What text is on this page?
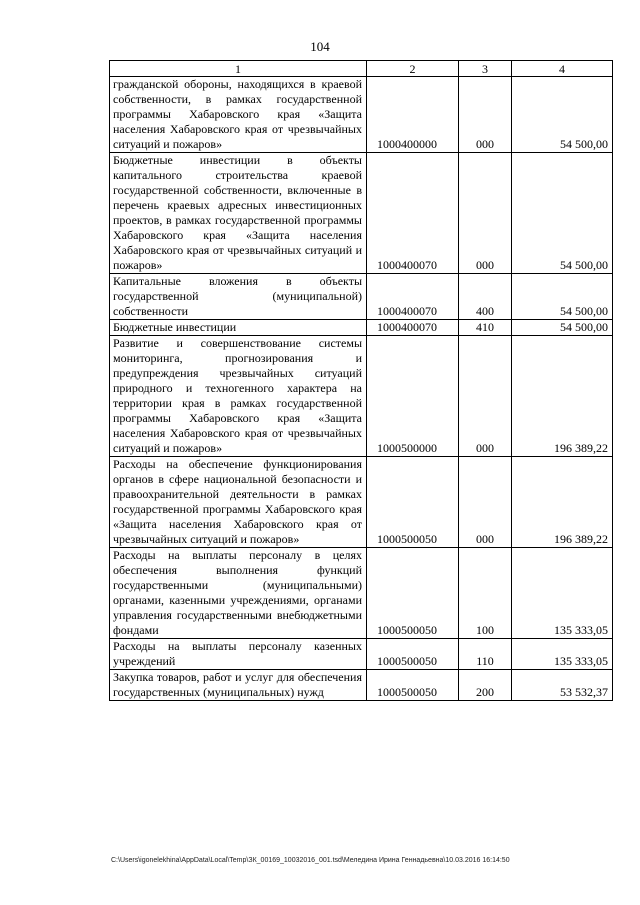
104
1	2	3	4
гражданской обороны, находящихся в краевой собственности, в рамках государственной программы Хабаровского края «Защита населения Хабаровского края от чрезвычайных ситуаций и пожаров»	1000400000	000	54 500,00
Бюджетные инвестиции в объекты капитального строительства краевой государственной собственности, включенные в перечень краевых адресных инвестиционных проектов, в рамках государственной программы Хабаровского края «Защита населения Хабаровского края от чрезвычайных ситуаций и пожаров»	1000400070	000	54 500,00
Капитальные вложения в объекты государственной (муниципальной) собственности	1000400070	400	54 500,00
Бюджетные инвестиции	1000400070	410	54 500,00
Развитие и совершенствование системы мониторинга, прогнозирования и предупреждения чрезвычайных ситуаций природного и техногенного характера на территории края в рамках государственной программы Хабаровского края «Защита населения Хабаровского края от чрезвычайных ситуаций и пожаров»	1000500000	000	196 389,22
Расходы на обеспечение функционирования органов в сфере национальной безопасности и правоохранительной деятельности в рамках государственной программы Хабаровского края «Защита населения Хабаровского края от чрезвычайных ситуаций и пожаров»	1000500050	000	196 389,22
Расходы на выплаты персоналу в целях обеспечения выполнения функций государственными (муниципальными) органами, казенными учреждениями, органами управления государственными внебюджетными фондами	1000500050	100	135 333,05
Расходы на выплаты персоналу казенных учреждений	1000500050	110	135 333,05
Закупка товаров, работ и услуг для обеспечения государственных (муниципальных) нужд	1000500050	200	53 532,37
C:\Users\igonelekhina\AppData\Local\Temp\ЗК_00169_10032016_001.tsd\Меледина Ирина Геннадьевна\10.03.2016 16:14:50
